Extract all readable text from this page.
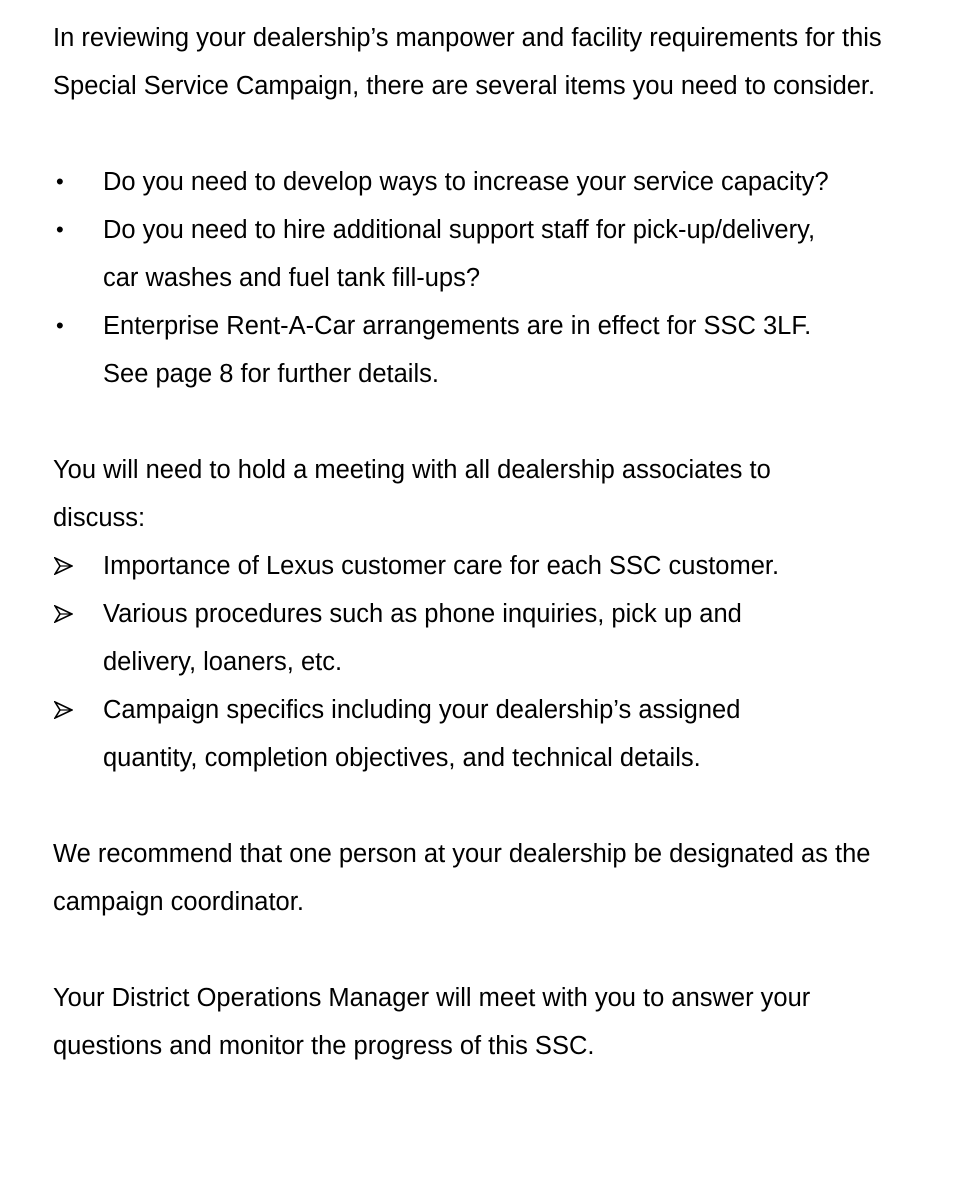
In reviewing your dealership’s manpower and facility requirements for this Special Service Campaign, there are several items you need to consider.

•	Do you need to develop ways to increase your service capacity?
•	Do you need to hire additional support staff for pick-up/delivery, car washes and fuel tank fill-ups?
•	Enterprise Rent-A-Car arrangements are in effect for SSC 3LF. See page 8 for further details.

You will need to hold a meeting with all dealership associates to discuss:

Importance of Lexus customer care for each SSC customer.
Various procedures such as phone inquiries, pick up and delivery, loaners, etc.
Campaign specifics including your dealership’s assigned quantity, completion objectives, and technical details.

We recommend that one person at your dealership be designated as the campaign coordinator.

Your District Operations Manager will meet with you to answer your questions and monitor the progress of this SSC.
